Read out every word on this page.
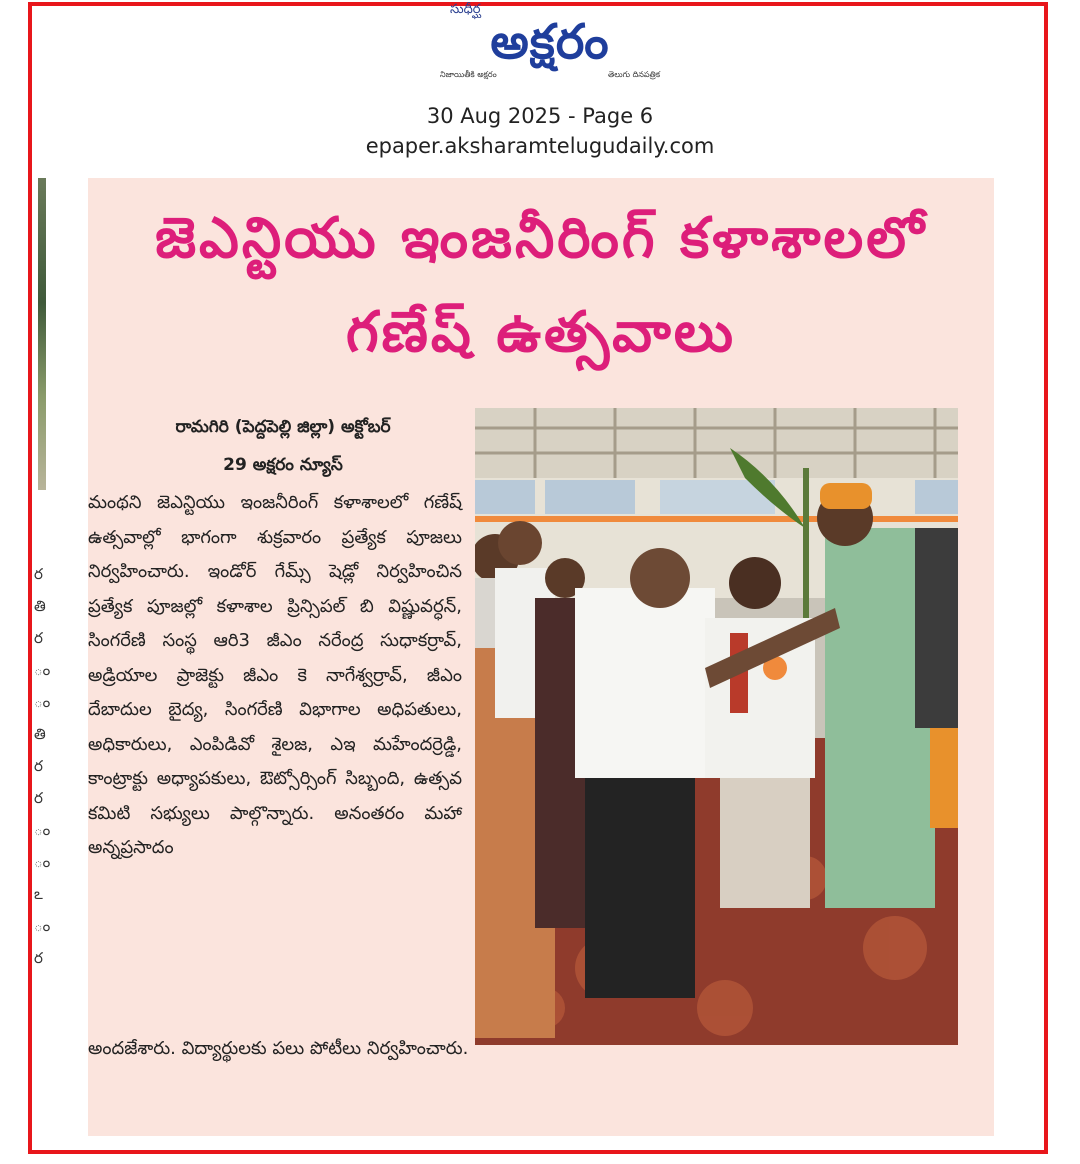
సుధీర్ఘ
అక్షరం
నిజాయితీకి అక్షరం	తెలుగు దినపత్రిక
30 Aug 2025 - Page 6
epaper.aksharamtelugudaily.com
ర
తి
ర
ం
ం
తి
ర
ర
ం
ం
ఽ
ం
ర
జెఎన్టియు ఇంజనీరింగ్ కళాశాలలో
గణేష్ ఉత్సవాలు
రామగిరి (పెద్దపెల్లి జిల్లా) అక్టోబర్
29 అక్షరం న్యూస్
మంథని జెఎన్టియు ఇంజనీరింగ్ కళాశాలలో గణేష్ ఉత్సవాల్లో భాగంగా శుక్రవారం ప్రత్యేక పూజలు నిర్వహించారు. ఇండోర్ గేమ్స్ షెడ్లో నిర్వహించిన ప్రత్యేక పూజల్లో కళాశాల ప్రిన్సిపల్ బి విష్ణువర్ధన్, సింగరేణి సంస్థ ఆరి3 జీఎం నరేంద్ర సుధాకర్రావ్, అడ్రియాల ప్రాజెక్టు జీఎం కె నాగేశ్వర్రావ్, జీఎం దేబాదుల బైద్య, సింగరేణి విభాగాల అధిపతులు, అధికారులు, ఎంపిడివో శైలజ, ఎఇ మహేందర్రెడ్డి, కాంట్రాక్టు అధ్యాపకులు, ఔట్సోర్సింగ్ సిబ్బంది, ఉత్సవ కమిటి సభ్యులు పాల్గొన్నారు. అనంతరం మహా అన్నప్రసాదం
అందజేశారు. విద్యార్థులకు పలు పోటీలు నిర్వహించారు.
